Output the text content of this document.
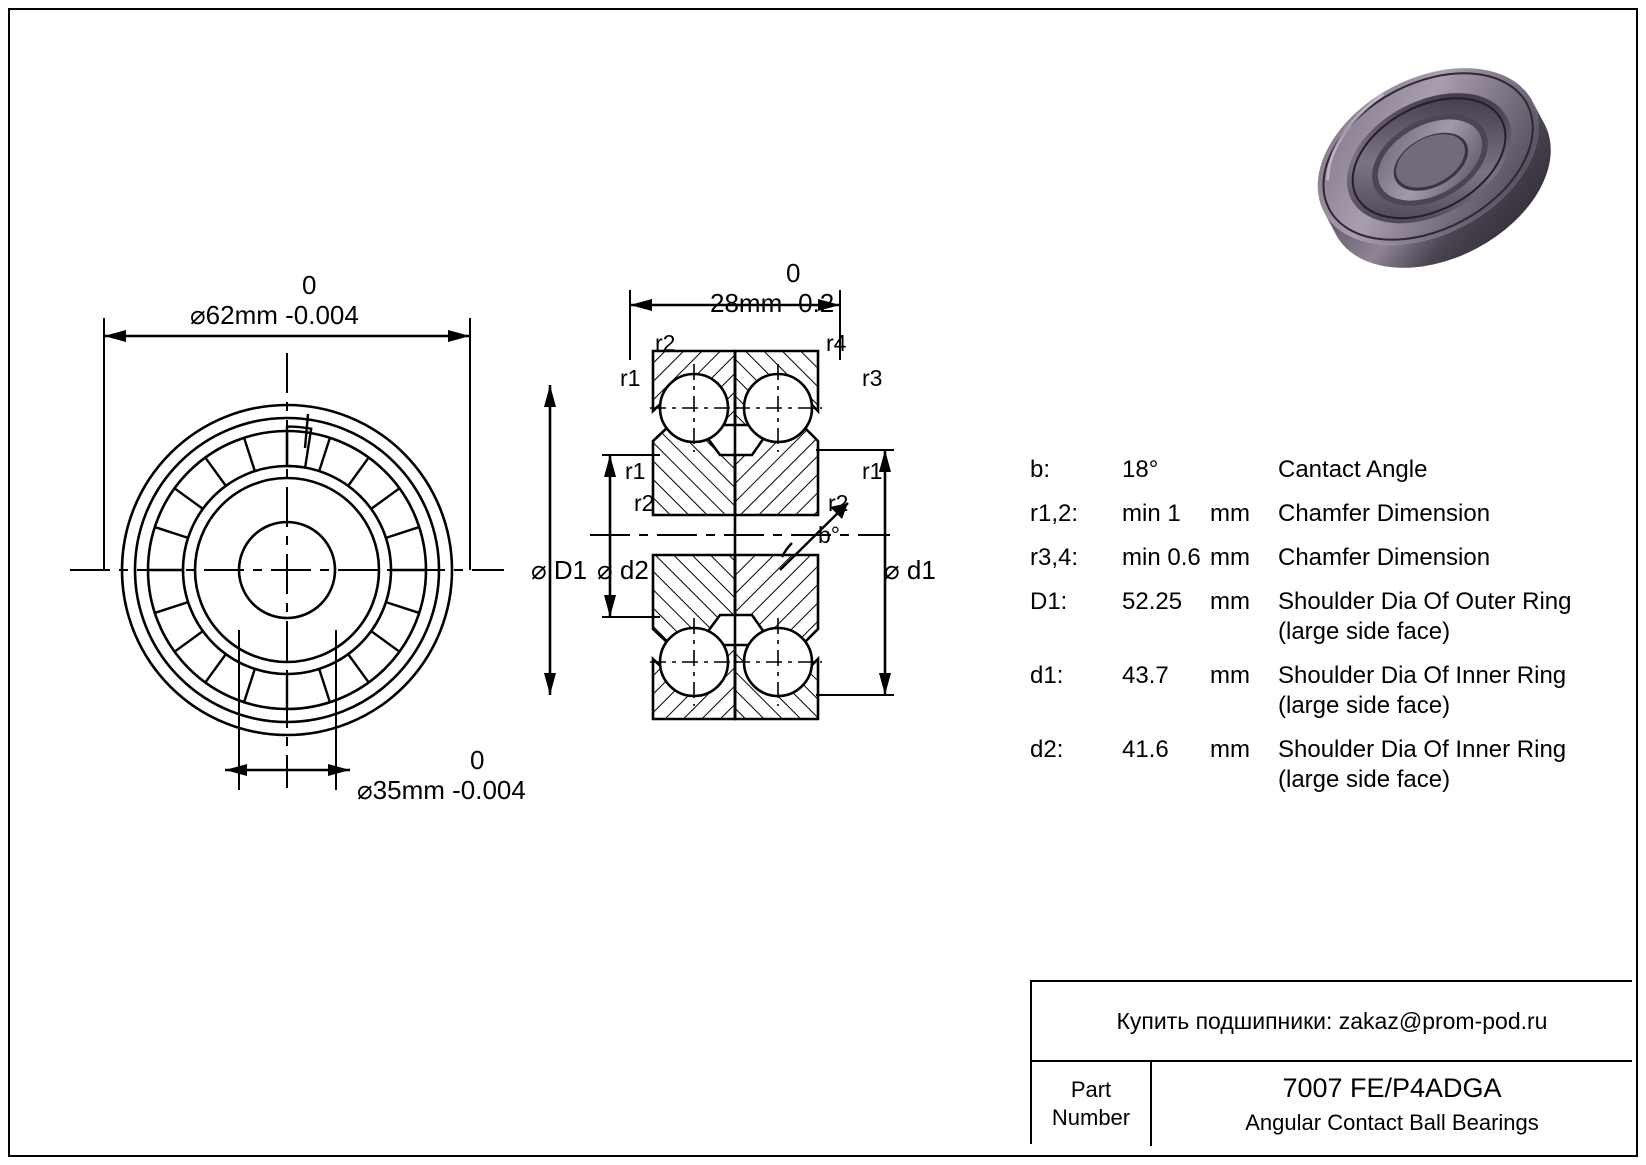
0
⌀62mm -0.004
0
⌀35mm -0.004
0
28mm -0.2
r2	r4
r1	r3
r1	r1
r2	r2
b°
⌀ D1 ⌀ d2	⌀ d1
b:	18°	Cantact Angle
r1,2:	min 1	mm	Chamfer Dimension
r3,4:	min 0.6 mm	Chamfer Dimension
D1:	52.25	mm	Shoulder Dia Of Outer Ring
(large side face)
d1:	43.7	mm	Shoulder Dia Of Inner Ring
(large side face)
d2:	41.6	mm	Shoulder Dia Of Inner Ring
(large side face)
Купить подшипники: zakaz@prom-pod.ru
Part
Number
7007 FE/P4ADGA
Angular Contact Ball Bearings
